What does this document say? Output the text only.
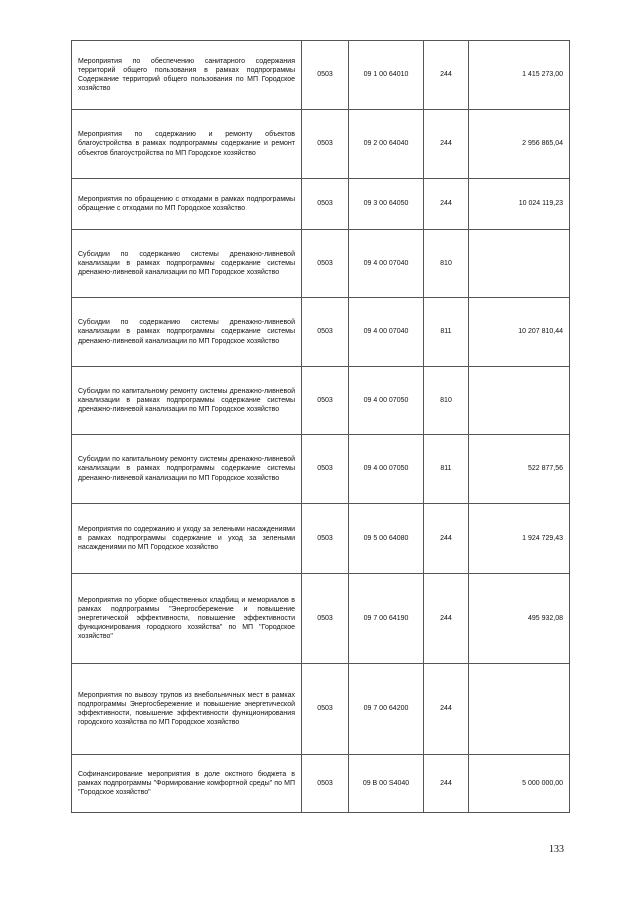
Мероприятия по обеспечению санитарного содержания территорий общего пользования в рамках подпрограммы Содержание территорий общего пользования по МП Городское хозяйство	0503	09 1 00 64010	244	1 415 273,00
Мероприятия по содержанию и ремонту объектов благоустройства в рамках подпрограммы содержание и ремонт объектов благоустройства по МП Городское хозяйство	0503	09 2 00 64040	244	2 956 865,04
Мероприятия по обращению с отходами в рамках подпрограммы обращение с отходами по МП Городское хозяйство	0503	09 3 00 64050	244	10 024 119,23
Субсидии по содержанию системы дренажно-ливневой канализации в рамках подпрограммы содержание системы дренажно-ливневой канализации по МП Городское хозяйство	0503	09 4 00 07040	810	
Субсидии по содержанию системы дренажно-ливневой канализации в рамках подпрограммы содержание системы дренажно-ливневой канализации по МП Городское хозяйство	0503	09 4 00 07040	811	10 207 810,44
Субсидии по капитальному ремонту системы дренажно-ливневой канализации в рамках подпрограммы содержание системы дренажно-ливневой канализации по МП Городское хозяйство	0503	09 4 00 07050	810	
Субсидии по капитальному ремонту системы дренажно-ливневой канализации в рамках подпрограммы содержание системы дренажно-ливневой канализации по МП Городское хозяйство	0503	09 4 00 07050	811	522 877,56
Мероприятия по содержанию и уходу за зелеными насаждениями в рамках подпрограммы содержание и уход за зелеными насаждениями по МП Городское хозяйство	0503	09 5 00 64080	244	1 924 729,43
Мероприятия по уборке общественных кладбищ и мемориалов в рамках подпрограммы "Энергосбережение и повышение энергетической эффективности, повышение эффективности функционирования городского хозяйства" по МП "Городское хозяйство"	0503	09 7 00 64190	244	495 932,08
Мероприятия по вывозу трупов из внебольничных мест в рамках подпрограммы Энергосбережение и повышение энергетической эффективности, повышение эффективности функционирования городского хозяйства по МП Городское хозяйство	0503	09 7 00 64200	244	
Софинансирование мероприятия в доле окстного бюджета в рамках подпрограммы "Формирование комфортной среды" по МП "Городское хозяйство"	0503	09 В 00 S4040	244	5 000 000,00
133
